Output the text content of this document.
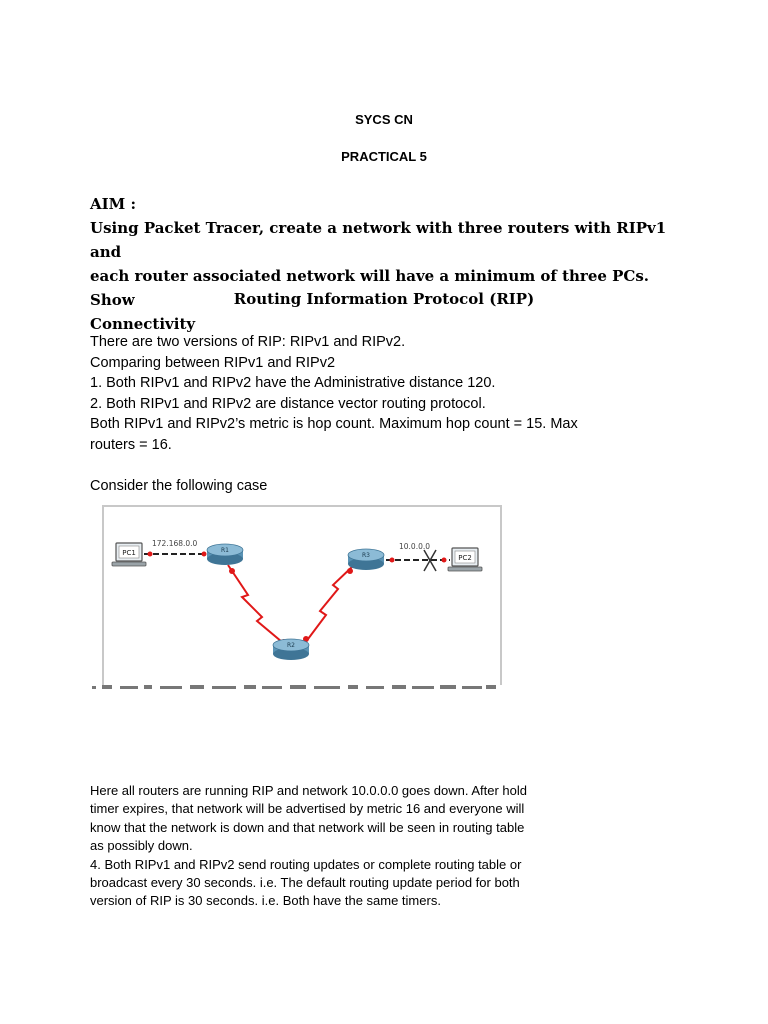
SYCS CN
PRACTICAL 5
AIM :
Using Packet Tracer, create a network with three routers with RIPv1 and
each router associated network will have a minimum of three PCs. Show
Connectivity
Routing Information Protocol (RIP)
There are two versions of RIP: RIPv1 and RIPv2.
Comparing between RIPv1 and RIPv2
1. Both RIPv1 and RIPv2 have the Administrative distance 120.
2. Both RIPv1 and RIPv2 are distance vector routing protocol.
Both RIPv1 and RIPv2’s metric is hop count. Maximum hop count = 15. Max
routers = 16.
Consider the following case
PC1
PC2
R1
R3
R2
172.168.0.0	10.0.0.0
Here all routers are running RIP and network 10.0.0.0 goes down. After hold
timer expires, that network will be advertised by metric 16 and everyone will
know that the network is down and that network will be seen in routing table
as possibly down.
4. Both RIPv1 and RIPv2 send routing updates or complete routing table or
broadcast every 30 seconds. i.e. The default routing update period for both
version of RIP is 30 seconds. i.e. Both have the same timers.
